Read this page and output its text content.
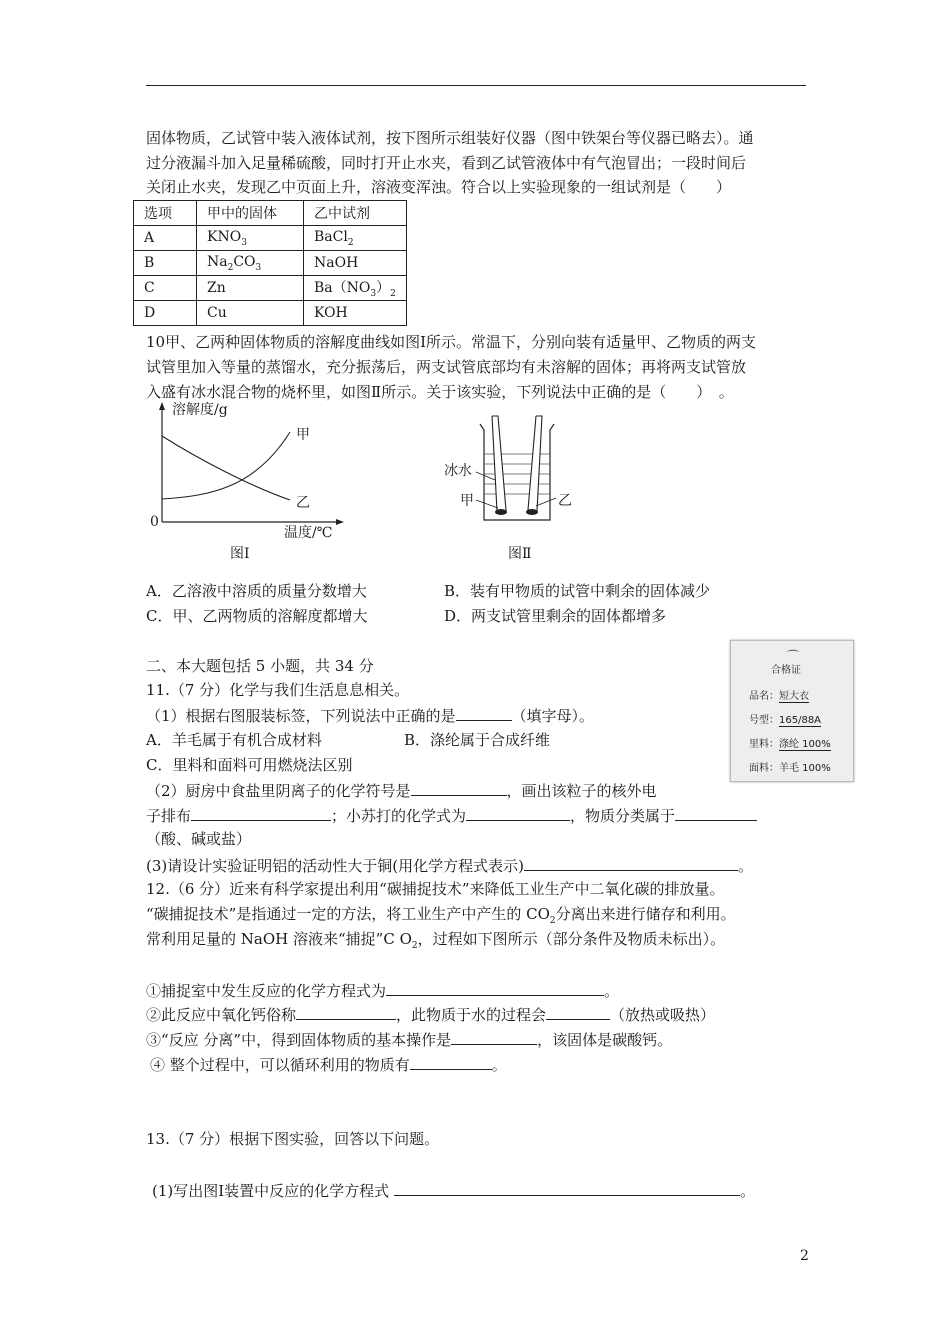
固体物质，乙试管中装入液体试剂，按下图所示组装好仪器（图中铁架台等仪器已略去）。通
过分液漏斗加入足量稀硫酸，同时打开止水夹，看到乙试管液体中有气泡冒出；一段时间后
关闭止水夹，发现乙中页面上升，溶液变浑浊。符合以上实验现象的一组试剂是（　　）
选项	甲中的固体	乙中试剂
A	$KNO_3$	BaCl$_2$
B	$Na_2CO_3$	NaOH
C	Zn	$Ba(NO_3)_2$
D	Cu	KOH
10甲、乙两种固体物质的溶解度曲线如图Ⅰ所示。常温下，分别向装有适量甲、乙物质的两支
试管里加入等量的蒸馏水，充分振荡后，两支试管底部均有未溶解的固体；再将两支试管放
入盛有冰水混合物的烧杯里，如图Ⅱ所示。关于该实验，下列说法中正确的是（　　）　。
溶解度/g
0
温度/℃
甲
乙
图Ⅰ
冰水
甲	乙
图Ⅱ
A．乙溶液中溶质的质量分数增大	B．装有甲物质的试管中剩余的固体减少
C．甲、乙两物质的溶解度都增大	D．两支试管里剩余的固体都增多
二、本大题包括 5 小题，共 34 分
11.（7 分）化学与我们生活息息相关。
（1）根据右图服装标签，下列说法中正确的是	（填字母）。
A．羊毛属于有机合成材料	B．涤纶属于合成纤维
C．里料和面料可用燃烧法区别
（2）厨房中食盐里阴离子的化学符号是	，画出该粒子的核外电
子排布	；小苏打的化学式为	，物质分类属于
（酸、碱或盐）
(3)请设计实验证明铝的活动性大于铜(用化学方程式表示)	。
⌒
合格证
品名：短大衣
号型：165/88A
里料：涤纶 100%
面料：羊毛 100%
12.（6 分）近来有科学家提出利用“碳捕捉技术”来降低工业生产中二氧化碳的排放量。
“碳捕捉技术”是指通过一定的方法，将工业生产中产生的 $CO_2$分离出来进行储存和利用。
常利用足量的 NaOH 溶液来“捕捉”C $O_2$，过程如下图所示（部分条件及物质未标出）。
①捕捉室中发生反应的化学方程式为	。
②此反应中氧化钙俗称	，此物质于水的过程会	（放热或吸热）
③“反应 分离”中，得到固体物质的基本操作是	，该固体是碳酸钙。
④ 整个过程中，可以循环利用的物质有	。
13.（7 分）根据下图实验，回答以下问题。
(1)写出图Ⅰ装置中反应的化学方程式	。
2
